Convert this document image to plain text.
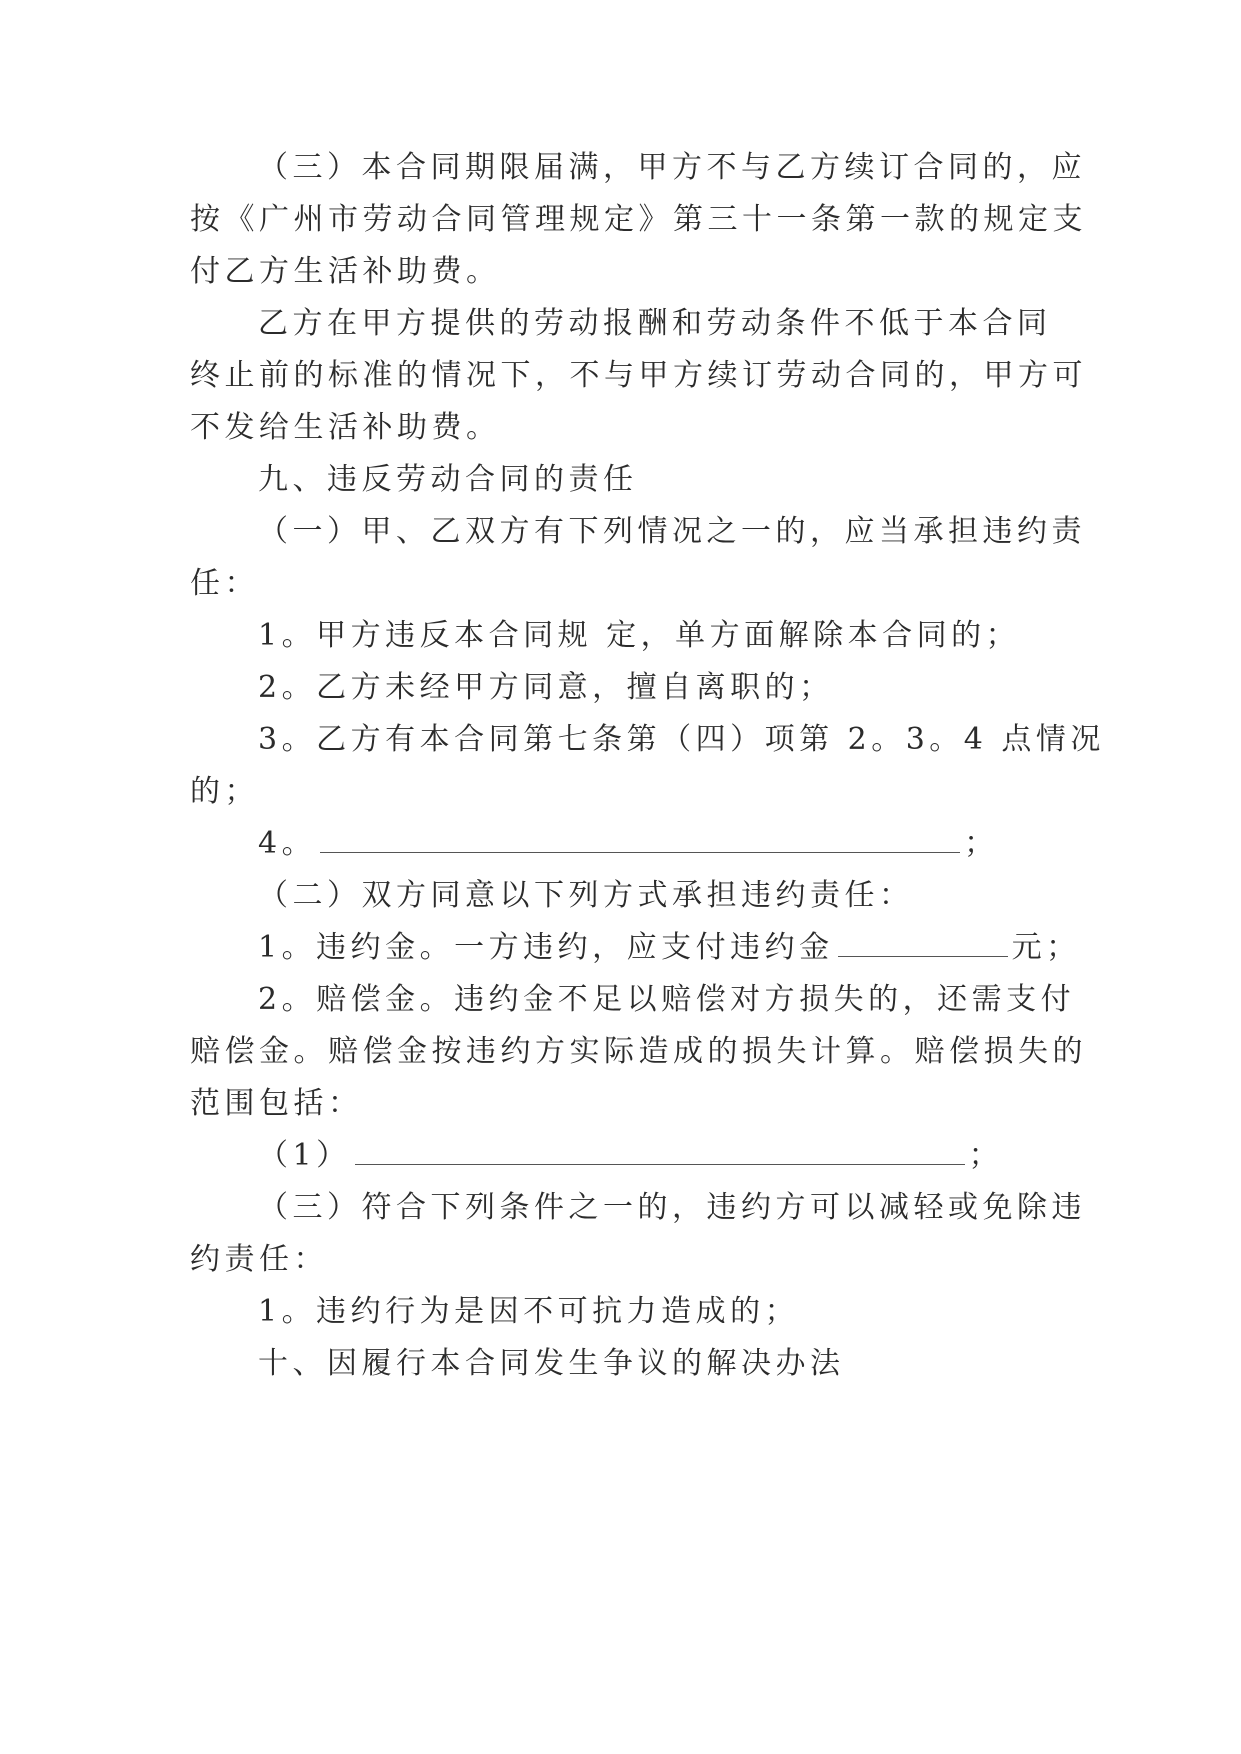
（三）本合同期限届满，甲方不与乙方续订合同的，应
按《广州市劳动合同管理规定》第三十一条第一款的规定支
付乙方生活补助费。
乙方在甲方提供的劳动报酬和劳动条件不低于本合同
终止前的标准的情况下，不与甲方续订劳动合同的，甲方可
不发给生活补助费。
九、违反劳动合同的责任
（一）甲、乙双方有下列情况之一的，应当承担违约责
任：
1。甲方违反本合同规 定，单方面解除本合同的；
2。乙方未经甲方同意，擅自离职的；
3。乙方有本合同第七条第（四）项第 2。3。4 点情况
的；
4。	；
（二）双方同意以下列方式承担违约责任：
1。违约金。一方违约，应支付违约金	元；
2。赔偿金。违约金不足以赔偿对方损失的，还需支付
赔偿金。赔偿金按违约方实际造成的损失计算。赔偿损失的
范围包括：
（1）	；
（三）符合下列条件之一的，违约方可以减轻或免除违
约责任：
1。违约行为是因不可抗力造成的；
十、因履行本合同发生争议的解决办法
